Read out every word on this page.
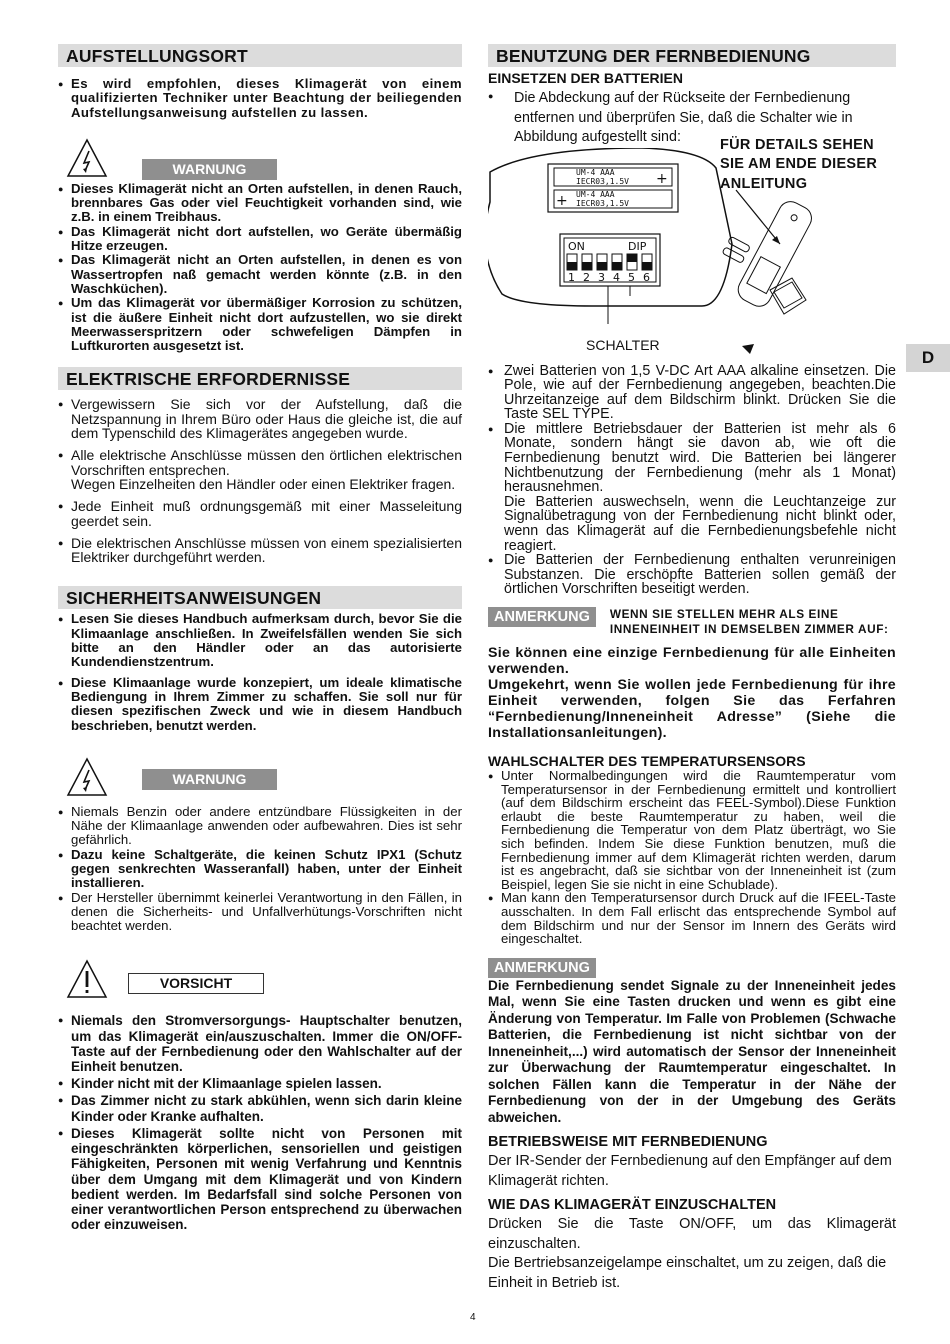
AUFSTELLUNGSORT

● Es wird empfohlen, dieses Klimagerät von einem qualifizierten Techniker unter Beachtung der beiliegenden Aufstellungsanweisung aufstellen zu lassen.

WARNUNG

● Dieses Klimagerät nicht an Orten aufstellen, in denen Rauch, brennbares Gas oder viel Feuchtigkeit vorhanden sind, wie z.B. in einem Treibhaus.

● Das Klimagerät nicht dort aufstellen, wo Geräte übermäßig Hitze erzeugen.

● Das Klimagerät nicht an Orten aufstellen, in denen es von Wassertropfen naß gemacht werden könnte (z.B. in den Waschküchen).

● Um das Klimagerät vor übermäßiger Korrosion zu schützen, ist die äußere Einheit nicht dort aufzustellen, wo sie direkt Meerwasserspritzern oder schwefeligen Dämpfen in Luftkurorten ausgesetzt ist.

ELEKTRISCHE ERFORDERNISSE

● Vergewissern Sie sich vor der Aufstellung, daß die Netzspannung in Ihrem Büro oder Haus die gleiche ist, die auf dem Typenschild des Klimagerätes angegeben wurde.

● Alle elektrische Anschlüsse müssen den örtlichen elektrischen Vorschriften entsprechen.

Wegen Einzelheiten den Händler oder einen Elektriker fragen.

● Jede Einheit muß ordnungsgemäß mit einer Masseleitung geerdet sein.

● Die elektrischen Anschlüsse müssen von einem spezialisierten Elektriker durchgeführt werden.

SICHERHEITSANWEISUNGEN

● Lesen Sie dieses Handbuch aufmerksam durch, bevor Sie die Klimaanlage anschließen. In Zweifelsfällen wenden Sie sich bitte an den Händler oder an das autorisierte Kundendienstzentrum.

● Diese Klimaanlage wurde konzepiert, um ideale klimatische Bediengung in Ihrem Zimmer zu schaffen. Sie soll nur für diesen spezifischen Zweck und wie in diesem Handbuch beschrieben, benutzt werden.

WARNUNG

● Niemals Benzin oder andere entzündbare Flüssigkeiten in der Nähe der Klimaanlage anwenden oder aufbewahren. Dies ist sehr gefährlich.

● Dazu keine Schaltgeräte, die keinen Schutz IPX1 (Schutz gegen senkrechten Wasseranfall) haben, unter der Einheit installieren.

● Der Hersteller übernimmt keinerlei Verantwortung in den Fällen, in denen die Sicherheits- und Unfallverhütungs-Vorschriften nicht beachtet werden.

VORSICHT

● Niemals den Stromversorgungs- Hauptschalter benutzen, um das Klimagerät ein/auszuschalten. Immer die ON/OFF-Taste auf der Fernbedienung oder den Wahlschalter auf der Einheit benutzen.

● Kinder nicht mit der Klimaanlage spielen lassen.

● Das Zimmer nicht zu stark abkühlen, wenn sich darin kleine Kinder oder Kranke aufhalten.

● Dieses Klimagerät sollte nicht von Personen mit eingeschränkten körperlichen, sensoriellen und geistigen Fähigkeiten, Personen mit wenig Verfahrung und Kenntnis über dem Umgang mit dem Klimagerät und von Kindern bedient werden. Im Bedarfsfall sind solche Personen von einer verantwortlichen Person entsprechend zu überwachen oder einzuweisen.

BENUTZUNG DER FERNBEDIENUNG

EINSETZEN DER BATTERIEN

● Die Abdeckung auf der Rückseite der Fernbedienung entfernen und überprüfen Sie, daß die Schalter wie in Abbildung aufgestellt sind:	FÜR DETAILS SEHEN SIE AM ENDE DIESER ANLEITUNG
UM-4 AAA
IECR03,1.5V +
UM-4 AAA
IECR03,1.5V
+
ON	DIP
1 2 3 4 5 6
SCHALTER

● Zwei Batterien von 1,5 V-DC Art AAA alkaline einsetzen. Die Pole, wie auf der Fernbedienung angegeben, beachten.Die Uhrzeitanzeige auf dem Bildschirm blinkt. Drücken Sie die Taste SEL TYPE.

● Die mittlere Betriebsdauer der Batterien ist mehr als 6 Monate, sondern hängt sie davon ab, wie oft die Fernbedienung benutzt wird. Die Batterien bei längerer Nichtbenutzung der Fernbedienung (mehr als 1 Monat) herausnehmen.

Die Batterien auswechseln, wenn die Leuchtanzeige zur Signalübetragung von der Fernbedienung nicht blinkt oder, wenn das Klimagerät auf die Fernbedienungsbefehle nicht reagiert.

● Die Batterien der Fernbedienung enthalten verunreinigen Substanzen. Die erschöpfte Batterien sollen gemäß der örtlichen Vorschriften beseitigt werden.

ANMERKUNG	WENN SIE STELLEN MEHR ALS EINE INNENEINHEIT IN DEMSELBEN ZIMMER AUF:

Sie können eine einzige Fernbedienung für alle Einheiten verwenden.

Umgekehrt, wenn Sie wollen jede Fernbedienung für ihre Einheit verwenden, folgen Sie das Ferfahren “Fernbedienung/Inneneinheit Adresse” (Siehe die Installationsanleitungen).

WAHLSCHALTER DES TEMPERATURSENSORS

● Unter Normalbedingungen wird die Raumtemperatur vom Temperatursensor in der Fernbedienung ermittelt und kontrolliert (auf dem Bildschirm erscheint das FEEL-Symbol).Diese Funktion erlaubt die beste Raumtemperatur zu haben, weil die Fernbedienung die Temperatur von dem Platz überträgt, wo Sie sich befinden. Indem Sie diese Funktion benutzen, muß die Fernbedienung immer auf dem Klimagerät richten werden, darum ist es angebracht, daß sie sichtbar von der Inneneinheit ist (zum Beispiel, legen Sie sie nicht in eine Schublade).

● Man kann den Temperatursensor durch Druck auf die IFEEL-Taste ausschalten. In dem Fall erlischt das entsprechende Symbol auf dem Bildschirm und nur der Sensor im Innern des Geräts wird eingeschaltet.

ANMERKUNG

Die Fernbedienung sendet Signale zu der Inneneinheit jedes Mal, wenn Sie eine Tasten drucken und wenn es gibt eine Änderung von Temperatur. Im Falle von Problemen (Schwache Batterien, die Fernbedienung ist nicht sichtbar von der Inneneinheit,...) wird automatisch der Sensor der Inneneinheit zur Überwachung der Raumtemperatur eingeschaltet. In solchen Fällen kann die Temperatur in der Nähe der Fernbedienung von der in der Umgebung des Geräts abweichen.

BETRIEBSWEISE MIT FERNBEDIENUNG

Der IR-Sender der Fernbedienung auf den Empfänger auf dem Klimagerät richten.

WIE DAS KLIMAGERÄT EINZUSCHALTEN

Drücken Sie die Taste ON/OFF, um das Klimagerät einzuschalten.

Die Bertriebsanzeigelampe einschaltet, um zu zeigen, daß die Einheit in Betrieb ist.

D
4
